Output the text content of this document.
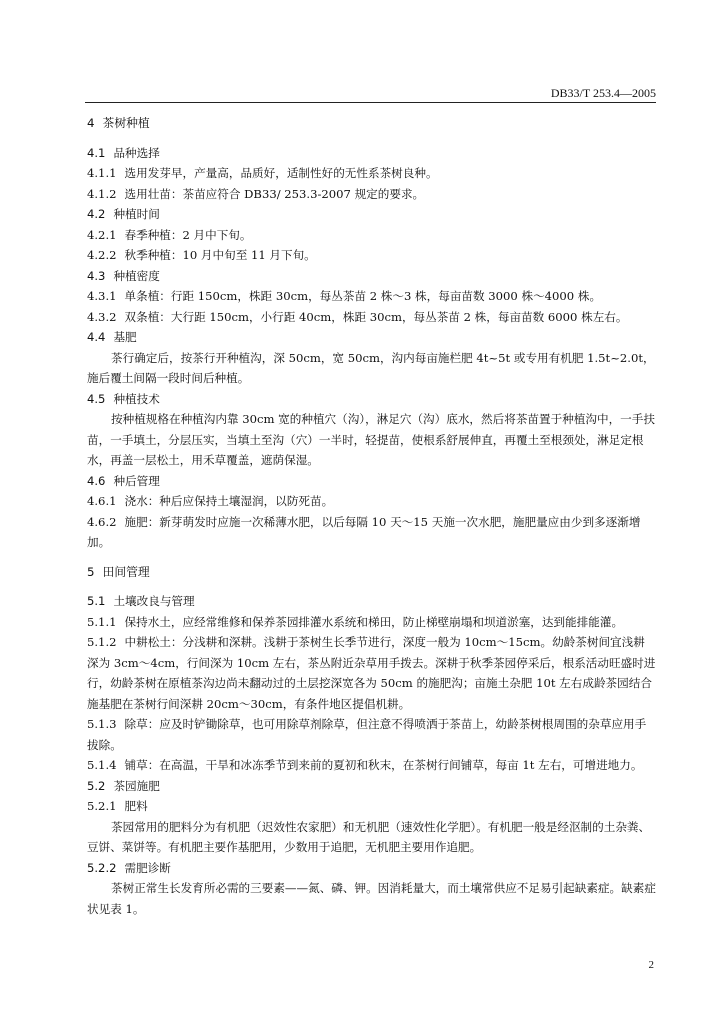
DB33/T 253.4—2005
4 茶树种植
4.1 品种选择
4.1.1 选用发芽早，产量高，品质好，适制性好的无性系茶树良种。
4.1.2 选用壮苗：茶苗应符合 DB33/ 253.3-2007 规定的要求。
4.2 种植时间
4.2.1 春季种植：2 月中下旬。
4.2.2 秋季种植：10 月中旬至 11 月下旬。
4.3 种植密度
4.3.1 单条植：行距 150cm，株距 30cm，每丛茶苗 2 株～3 株，每亩苗数 3000 株～4000 株。
4.3.2 双条植：大行距 150cm，小行距 40cm，株距 30cm，每丛茶苗 2 株，每亩苗数 6000 株左右。
4.4 基肥
茶行确定后，按茶行开种植沟，深 50cm，宽 50cm，沟内每亩施栏肥 4t~5t 或专用有机肥 1.5t~2.0t，施后覆土间隔一段时间后种植。
4.5 种植技术
按种植规格在种植沟内靠 30cm 宽的种植穴（沟），淋足穴（沟）底水，然后将茶苗置于种植沟中，一手扶苗，一手填土，分层压实，当填土至沟（穴）一半时，轻提苗，使根系舒展伸直，再覆土至根颈处，淋足定根水，再盖一层松土，用禾草覆盖，遮荫保湿。
4.6 种后管理
4.6.1 浇水：种后应保持土壤湿润，以防死苗。
4.6.2 施肥：新芽萌发时应施一次稀薄水肥，以后每隔 10 天～15 天施一次水肥，施肥量应由少到多逐渐增加。
5 田间管理
5.1 土壤改良与管理
5.1.1 保持水土，应经常维修和保养茶园排灌水系统和梯田，防止梯壁崩塌和坝道淤塞，达到能排能灌。
5.1.2 中耕松土：分浅耕和深耕。浅耕于茶树生长季节进行，深度一般为 10cm～15cm。幼龄茶树间宜浅耕深为 3cm～4cm，行间深为 10cm 左右，茶丛附近杂草用手拨去。深耕于秋季茶园停采后，根系活动旺盛时进行，幼龄茶树在原植茶沟边尚未翻动过的土层挖深宽各为 50cm 的施肥沟；亩施土杂肥 10t 左右成龄茶园结合施基肥在茶树行间深耕 20cm～30cm，有条件地区提倡机耕。
5.1.3 除草：应及时铲锄除草，也可用除草剂除草，但注意不得喷洒于茶苗上，幼龄茶树根周围的杂草应用手拔除。
5.1.4 铺草：在高温，干旱和冰冻季节到来前的夏初和秋末，在茶树行间铺草，每亩 1t 左右，可增进地力。
5.2 茶园施肥
5.2.1 肥料
茶园常用的肥料分为有机肥（迟效性农家肥）和无机肥（速效性化学肥）。有机肥一般是经沤制的土杂粪、豆饼、菜饼等。有机肥主要作基肥用，少数用于追肥，无机肥主要用作追肥。
5.2.2 需肥诊断
茶树正常生长发育所必需的三要素——氮、磷、钾。因消耗量大，而土壤常供应不足易引起缺素症。缺素症状见表 1。
2
